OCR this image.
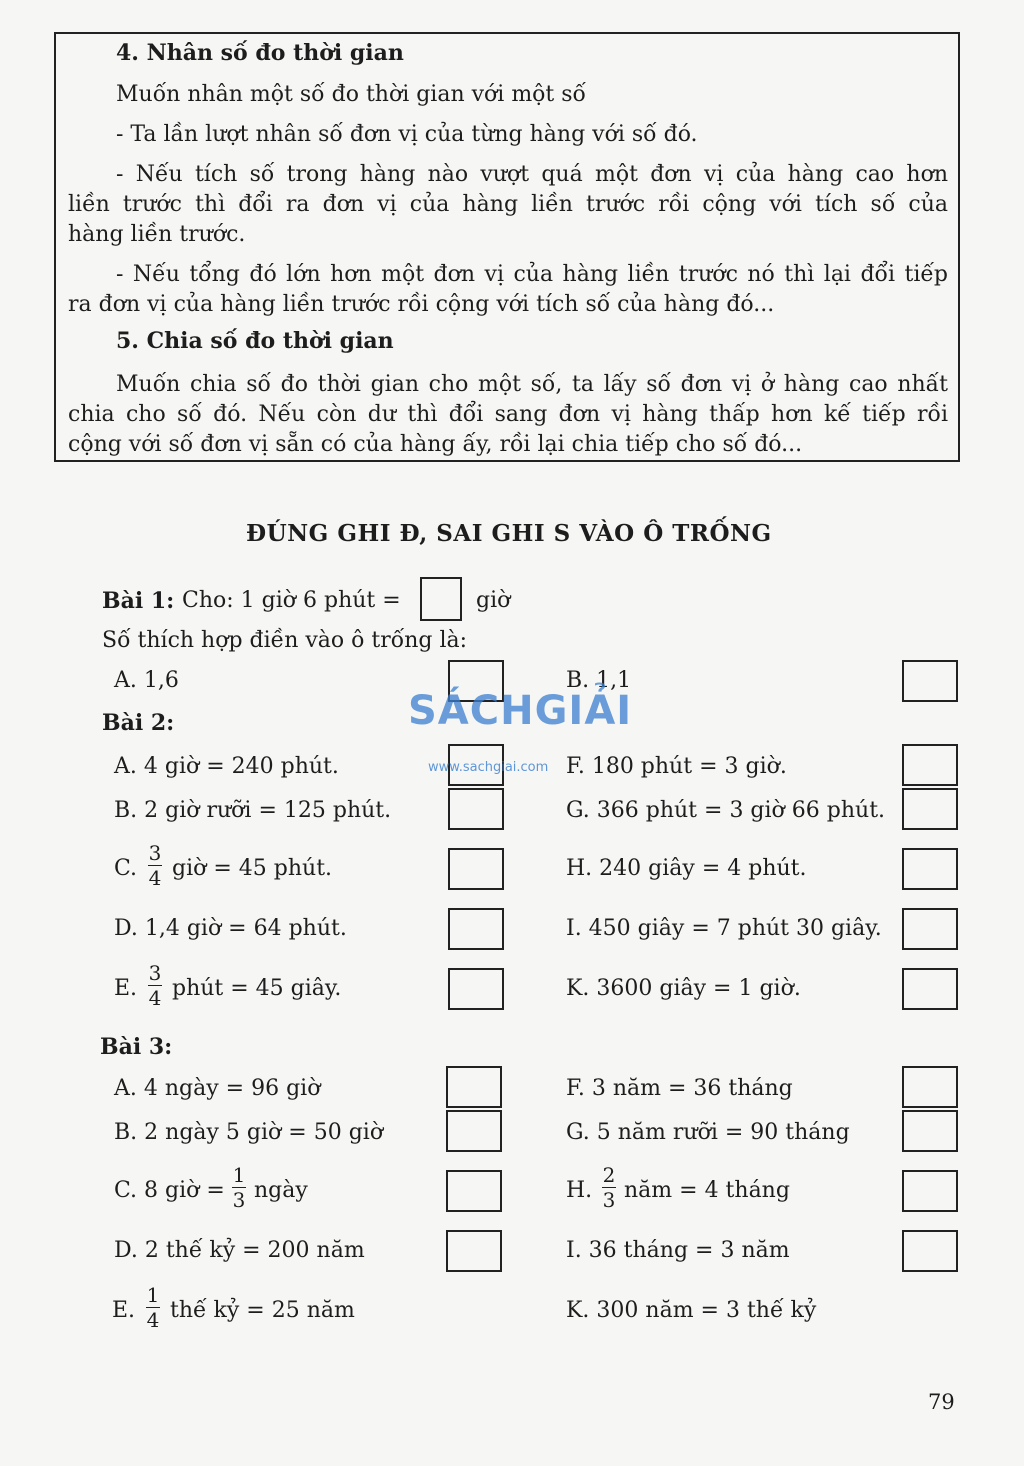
4. Nhân số đo thời gian
Muốn nhân một số đo thời gian với một số
- Ta lần lượt nhân số đơn vị của từng hàng với số đó.
- Nếu tích số trong hàng nào vượt quá một đơn vị của hàng cao hơn
liền trước thì đổi ra đơn vị của hàng liền trước rồi cộng với tích số của
hàng liền trước.
- Nếu tổng đó lớn hơn một đơn vị của hàng liền trước nó thì lại đổi tiếp
ra đơn vị của hàng liền trước rồi cộng với tích số của hàng đó...
5. Chia số đo thời gian
Muốn chia số đo thời gian cho một số, ta lấy số đơn vị ở hàng cao nhất
chia cho số đó. Nếu còn dư thì đổi sang đơn vị hàng thấp hơn kế tiếp rồi
cộng với số đơn vị sẵn có của hàng ấy, rồi lại chia tiếp cho số đó...
ĐÚNG GHI Đ, SAI GHI S VÀO Ô TRỐNG
Bài 1: Cho: 1 giờ 6 phút =	giờ
Số thích hợp điền vào ô trống là:
A. 1,6	B. 1,1
Bài 2:
A. 4 giờ = 240 phút.
B. 2 giờ rưỡi = 125 phút.
C.
3
4 giờ = 45 phút.
D. 1,4 giờ = 64 phút.
E.
3
4 phút = 45 giây.
F. 180 phút = 3 giờ.
G. 366 phút = 3 giờ 66 phút.
H. 240 giây = 4 phút.
I. 450 giây = 7 phút 30 giây.
K. 3600 giây = 1 giờ.
Bài 3:
A. 4 ngày = 96 giờ
B. 2 ngày 5 giờ = 50 giờ
C. 8 giờ =
1
3 ngày
D. 2 thế kỷ = 200 năm
E.
1
4 thế kỷ = 25 năm
F. 3 năm = 36 tháng
G. 5 năm rưỡi = 90 tháng
H.
2
3 năm = 4 tháng
I. 36 tháng = 3 năm
K. 300 năm = 3 thế kỷ
SÁCHGIẢI
www.sachgiai.com
79
